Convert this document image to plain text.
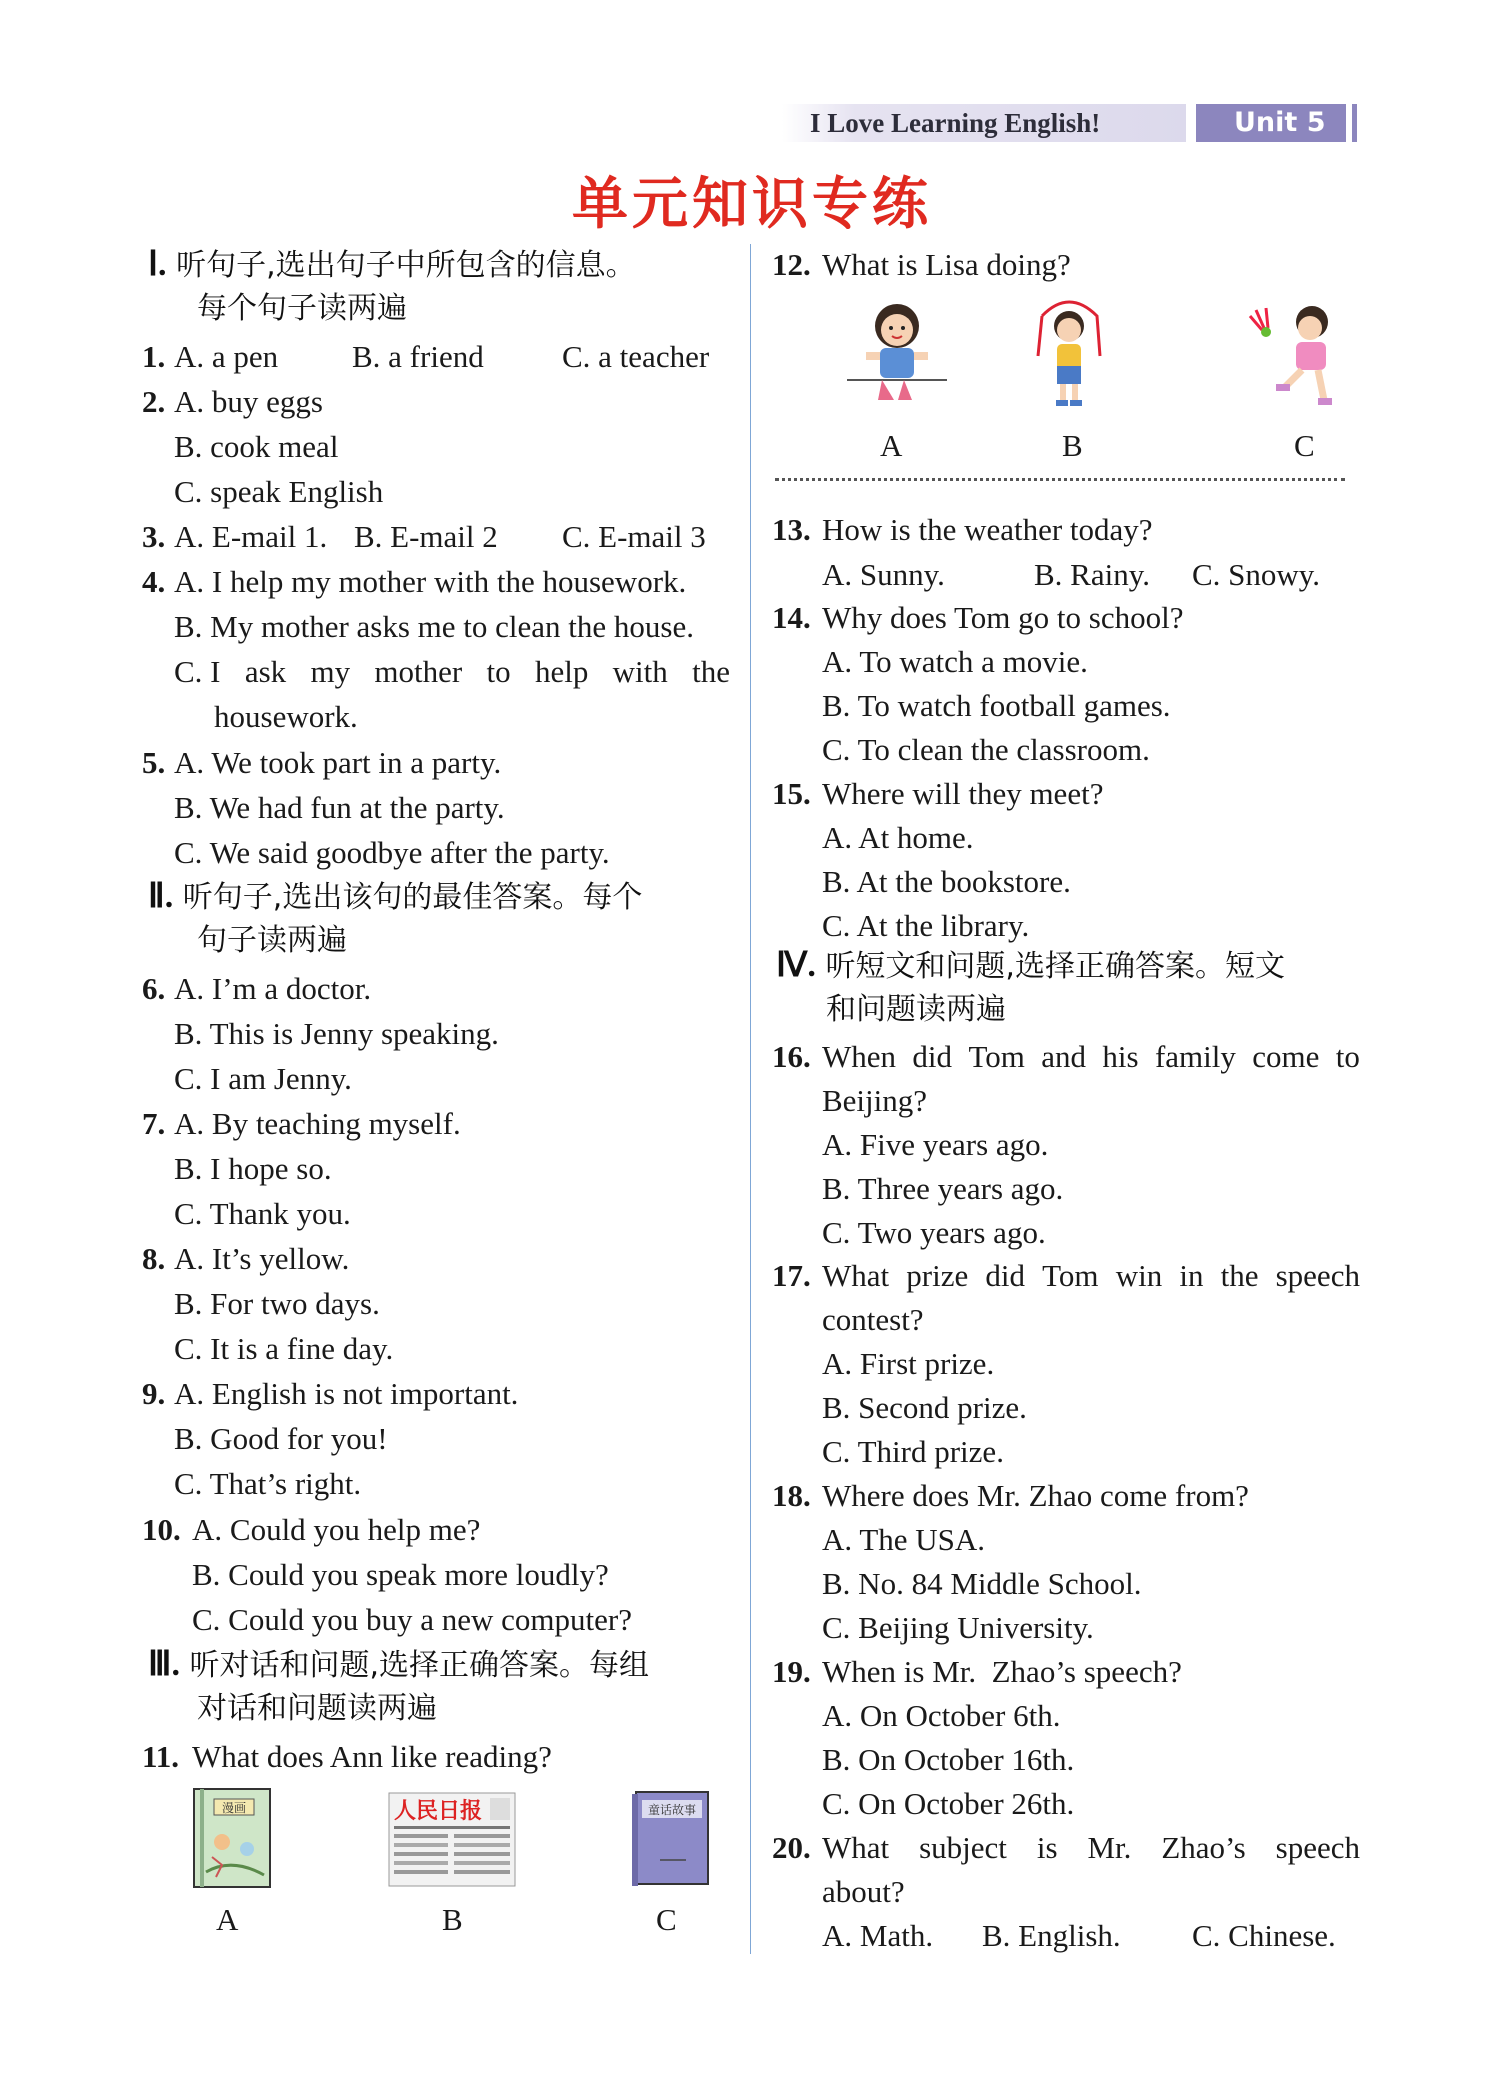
I Love Learning English!	Unit 5
单元知识专练
Ⅰ. 听句子,选出句子中所包含的信息。
每个句子读两遍
1. A. a pen B. a friend	C. a teacher
2. A. buy eggs
B. cook meal
C. speak English
3. A. E-mail 1. B. E-mail 2 C. E-mail 3
4. A. I help my mother with the housework.
B. My mother asks me to clean the house.
C. I ask my mother to help with the
housework.
5. A. We took part in a party.
B. We had fun at the party.
C. We said goodbye after the party.
Ⅱ. 听句子,选出该句的最佳答案。每个
句子读两遍
6. A. I’m a doctor.
B. This is Jenny speaking.
C. I am Jenny.
7. A. By teaching myself.
B. I hope so.
C. Thank you.
8. A. It’s yellow.
B. For two days.
C. It is a fine day.
9. A. English is not important.
B. Good for you!
C. That’s right.
10. A. Could you help me?
B. Could you speak more loudly?
C. Could you buy a new computer?
Ⅲ. 听对话和问题,选择正确答案。每组
对话和问题读两遍
11. What does Ann like reading?
漫画	人民日报	童话故事
A	B	C
12. What is Lisa doing?
A	B	C
13. How is the weather today?
A. Sunny.	B. Rainy. C. Snowy.
14. Why does Tom go to school?
A. To watch a movie.
B. To watch football games.
C. To clean the classroom.
15. Where will they meet?
A. At home.
B. At the bookstore.
C. At the library.
Ⅳ. 听短文和问题,选择正确答案。短文
和问题读两遍
16. When did Tom and his family come to
Beijing?
A. Five years ago.
B. Three years ago.
C. Two years ago.
17. What prize did Tom win in the speech
contest?
A. First prize.
B. Second prize.
C. Third prize.
18. Where does Mr. Zhao come from?
A. The USA.
B. No. 84 Middle School.
C. Beijing University.
19. When is Mr.  Zhao’s speech?
A. On October 6th.
B. On October 16th.
C. On October 26th.
20. What subject is Mr. Zhao’s speech
about?
A. Math. B. English. C. Chinese.
